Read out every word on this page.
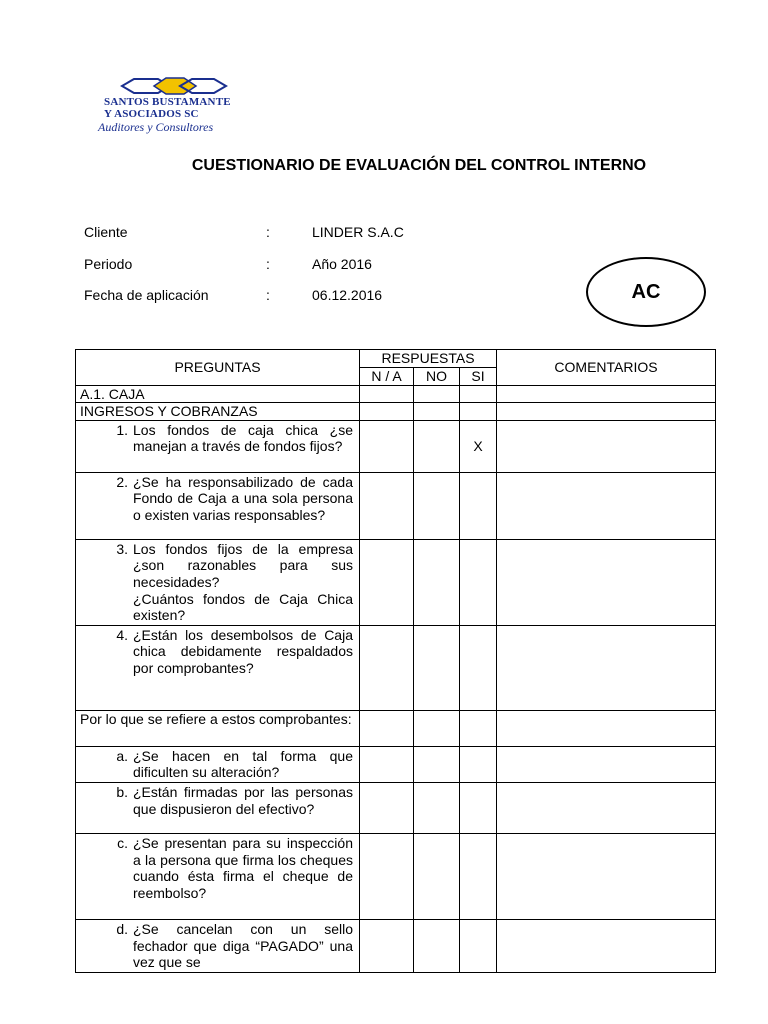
SANTOS BUSTAMANTE
Y ASOCIADOS SC
Auditores y Consultores
CUESTIONARIO DE EVALUACIÓN DEL CONTROL INTERNO
Cliente	:	LINDER S.A.C
Periodo	:	Año 2016
Fecha de aplicación	:	06.12.2016	AC
PREGUNTAS	RESPUESTAS			COMENTARIOS
	N / A	NO	SI	
A.1. CAJA				
INGRESOS Y COBRANZAS				

1. Los fondos de caja chica ¿se manejan a través de fondos fijos?			X	

2. ¿Se ha responsabilizado de cada Fondo de Caja a una sola persona o existen varias responsables?				

3. Los fondos fijos de la empresa ¿son razonables para sus necesidades?
¿Cuántos fondos de Caja Chica existen?				

4. ¿Están los desembolsos de Caja chica debidamente respaldados por comprobantes?				

Por lo que se refiere a estos comprobantes:				

a. ¿Se hacen en tal forma que dificulten su alteración?				

b. ¿Están firmadas por las personas que dispusieron del efectivo?				

c. ¿Se presentan para su inspección a la persona que firma los cheques cuando ésta firma el cheque de reembolso?				

d. ¿Se cancelan con un sello fechador que diga “PAGADO” una vez que se				
